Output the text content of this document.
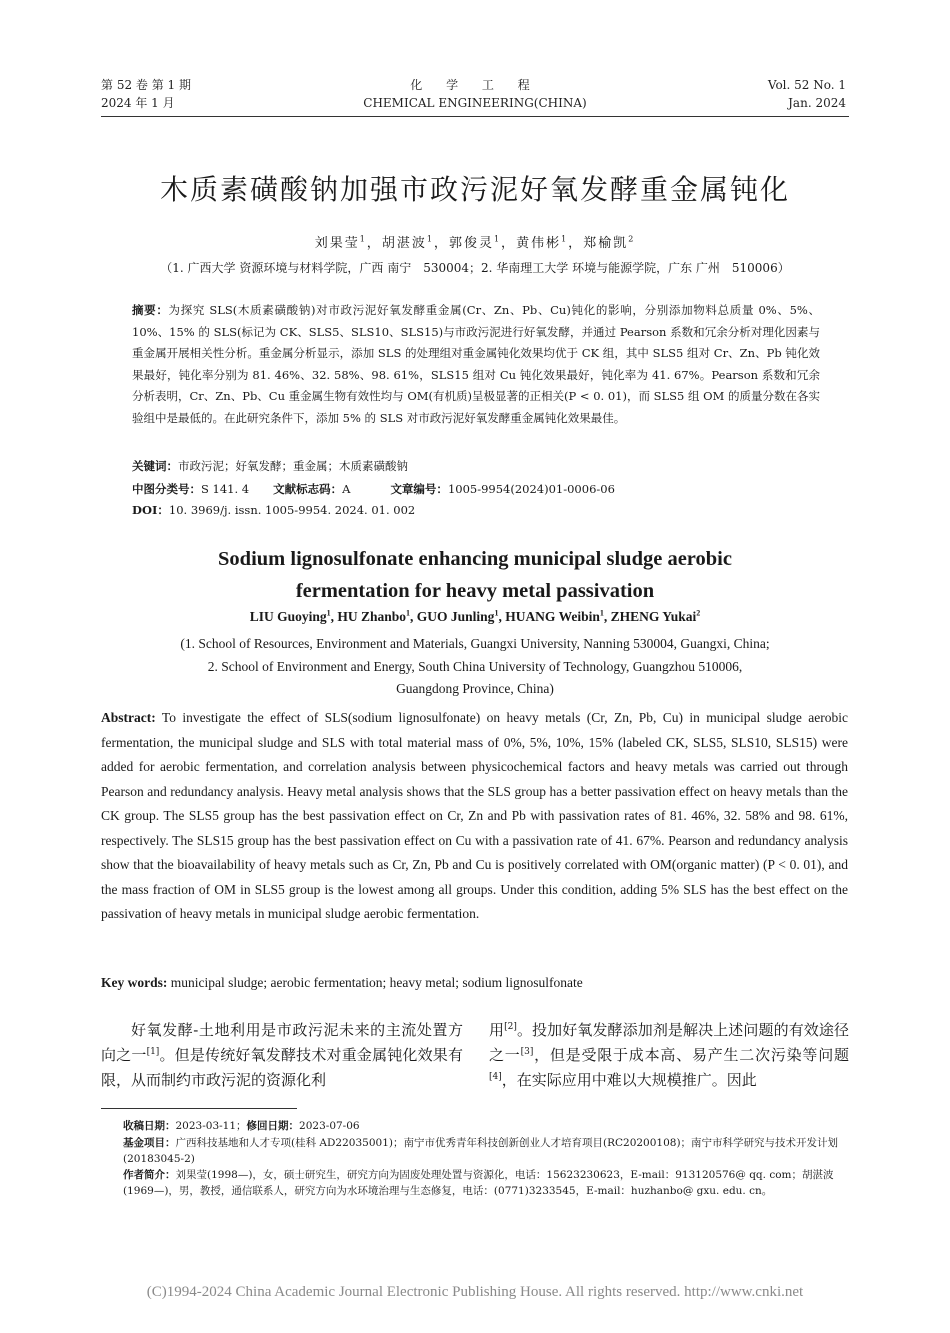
第 52 卷 第 1 期
2024 年 1 月
化 学 工 程
CHEMICAL ENGINEERING(CHINA)
Vol. 52 No. 1
Jan. 2024
木质素磺酸钠加强市政污泥好氧发酵重金属钝化
刘果莹$^1$，胡湛波$^1$，郭俊灵$^1$，黄伟彬$^1$，郑榆凯$^2$
（1. 广西大学 资源环境与材料学院，广西 南宁　530004；2. 华南理工大学 环境与能源学院，广东 广州　510006）
摘要：为探究 SLS(木质素磺酸钠)对市政污泥好氧发酵重金属(Cr、Zn、Pb、Cu)钝化的影响，分别添加物料总质量 0%、5%、10%、15% 的 SLS(标记为 CK、SLS5、SLS10、SLS15)与市政污泥进行好氧发酵，并通过 Pearson 系数和冗余分析对理化因素与重金属开展相关性分析。重金属分析显示，添加 SLS 的处理组对重金属钝化效果均优于 CK 组，其中 SLS5 组对 Cr、Zn、Pb 钝化效果最好，钝化率分别为 81. 46%、32. 58%、98. 61%，SLS15 组对 Cu 钝化效果最好，钝化率为 41. 67%。Pearson 系数和冗余分析表明，Cr、Zn、Pb、Cu 重金属生物有效性均与 OM(有机质)呈极显著的正相关(P < 0. 01)，而 SLS5 组 OM 的质量分数在各实验组中是最低的。在此研究条件下，添加 5% 的 SLS 对市政污泥好氧发酵重金属钝化效果最佳。
关键词：市政污泥；好氧发酵；重金属；木质素磺酸钠
中图分类号：S 141. 4 文献标志码：A	文章编号：1005-9954(2024)01-0006-06
DOI：10. 3969/j. issn. 1005-9954. 2024. 01. 002
Sodium lignosulfonate enhancing municipal sludge aerobic
fermentation for heavy metal passivation
LIU Guoying$^1$, HU Zhanbo$^1$, GUO Junling$^1$, HUANG Weibin$^1$, ZHENG Yukai$^2$
(1. School of Resources, Environment and Materials, Guangxi University, Nanning 530004, Guangxi, China;
2. School of Environment and Energy, South China University of Technology, Guangzhou 510006,
Guangdong Province, China)
Abstract: To investigate the effect of SLS(sodium lignosulfonate) on heavy metals (Cr, Zn, Pb, Cu) in municipal sludge aerobic fermentation, the municipal sludge and SLS with total material mass of 0%, 5%, 10%, 15% (labeled CK, SLS5, SLS10, SLS15) were added for aerobic fermentation, and correlation analysis between physicochemical factors and heavy metals was carried out through Pearson and redundancy analysis. Heavy metal analysis shows that the SLS group has a better passivation effect on heavy metals than the CK group. The SLS5 group has the best passivation effect on Cr, Zn and Pb with passivation rates of 81. 46%, 32. 58% and 98. 61%, respectively. The SLS15 group has the best passivation effect on Cu with a passivation rate of 41. 67%. Pearson and redundancy analysis show that the bioavailability of heavy metals such as Cr, Zn, Pb and Cu is positively correlated with OM(organic matter) (P < 0. 01), and the mass fraction of OM in SLS5 group is the lowest among all groups. Under this condition, adding 5% SLS has the best effect on the passivation of heavy metals in municipal sludge aerobic fermentation.
Key words: municipal sludge; aerobic fermentation; heavy metal; sodium lignosulfonate
好氧发酵-土地利用是市政污泥未来的主流处置方向之一[1]。但是传统好氧发酵技术对重金属钝化效果有限，从而制约市政污泥的资源化利
用[2]。投加好氧发酵添加剂是解决上述问题的有效途径之一[3]，但是受限于成本高、易产生二次污染等问题[4]，在实际应用中难以大规模推广。因此
收稿日期：2023-03-11；修回日期：2023-07-06
基金项目：广西科技基地和人才专项(桂科 AD22035001)；南宁市优秀青年科技创新创业人才培育项目(RC20200108)；南宁市科学研究与技术开发计划(20183045-2)
作者简介：刘果莹(1998—)，女，硕士研究生，研究方向为固废处理处置与资源化，电话：15623230623，E-mail：913120576@ qq. com；胡湛波(1969—)，男，教授，通信联系人，研究方向为水环境治理与生态修复，电话：(0771)3233545，E-mail：huzhanbo@ gxu. edu. cn。
(C)1994-2024 China Academic Journal Electronic Publishing House. All rights reserved. http://www.cnki.net
